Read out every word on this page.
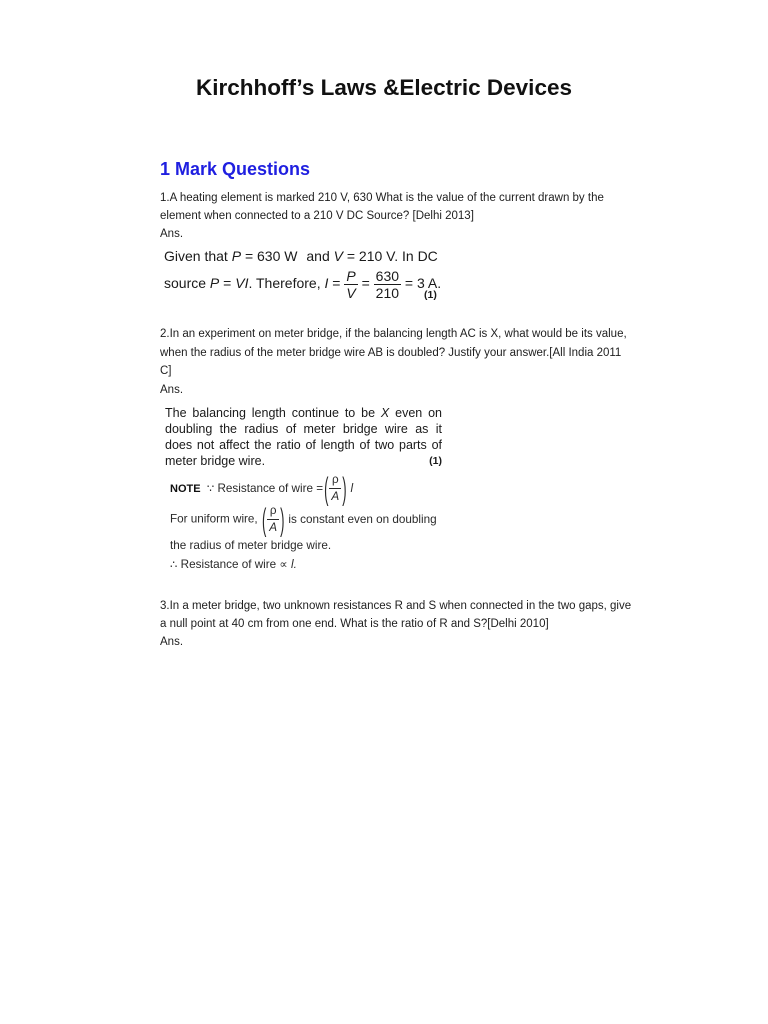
Kirchhoff’s Laws &Electric Devices
1 Mark Questions
1.A heating element is marked 210 V, 630 What is the value of the current drawn by the
element when connected to a 210 V DC Source? [Delhi 2013]
Ans.
Given that P = 630 W and V = 210 V. In DC
source P = VI. Therefore, $I = \frac{P}{V} = \frac{630}{210} = 3$ A.
(1)
2.In an experiment on meter bridge, if the balancing length AC is X, what would be its value,
when the radius of the meter bridge wire AB is doubled? Justify your answer.[All India 2011
C]
Ans.
The balancing length continue to be X even on
doubling the radius of meter bridge wire as it
does not affect the ratio of length of two parts of
(1)
meter bridge wire.
NOTE ∵ Resistance of wire =( $\frac{\rho}{A}$ ) l
For uniform wire, ( $\frac{\rho}{A}$ ) is constant even on doubling
the radius of meter bridge wire.
∴ Resistance of wire ∝ l.
3.In a meter bridge, two unknown resistances R and S when connected in the two gaps, give
a null point at 40 cm from one end. What is the ratio of R and S?[Delhi 2010]
Ans.
